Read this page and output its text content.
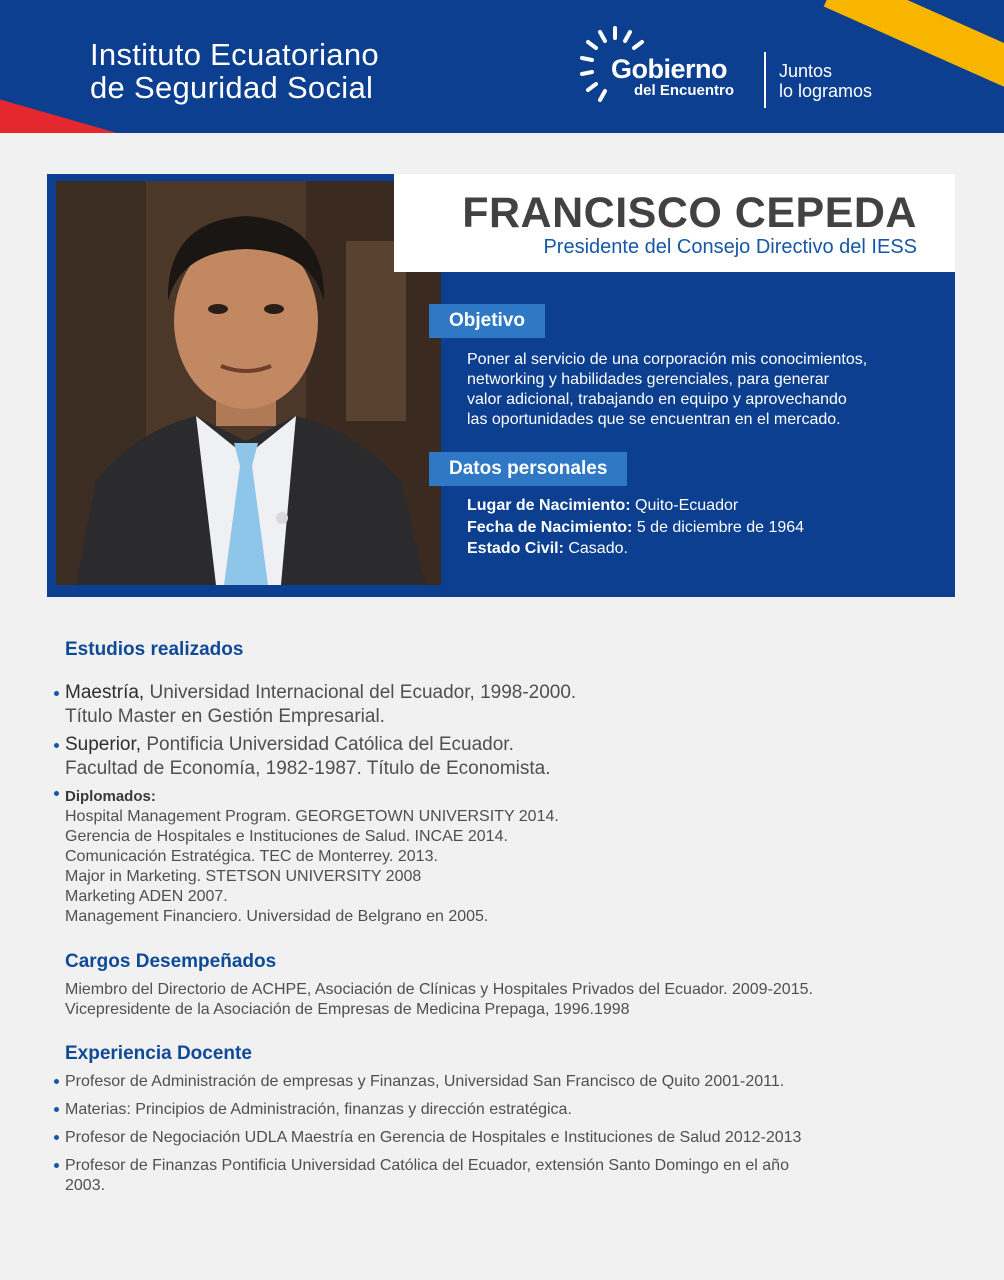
Instituto Ecuatoriano
de Seguridad Social
Gobierno
del Encuentro
Juntos
lo logramos
FRANCISCO CEPEDA
Presidente del Consejo Directivo del IESS
Objetivo
Poner al servicio de una corporación mis conocimientos,
networking y habilidades gerenciales, para generar
valor adicional, trabajando en equipo y aprovechando
las oportunidades que se encuentran en el mercado.
Datos personales
Lugar de Nacimiento: Quito-Ecuador
Fecha de Nacimiento: 5 de diciembre de 1964
Estado Civil: Casado.
Estudios realizados
Maestría, Universidad Internacional del Ecuador, 1998-2000.
Título Master en Gestión Empresarial.
Superior, Pontificia Universidad Católica del Ecuador.
Facultad de Economía, 1982-1987. Título de Economista.
Diplomados:
Hospital Management Program. GEORGETOWN UNIVERSITY 2014.
Gerencia de Hospitales e Instituciones de Salud. INCAE 2014.
Comunicación Estratégica. TEC de Monterrey. 2013.
Major in Marketing. STETSON UNIVERSITY 2008
Marketing ADEN 2007.
Management Financiero. Universidad de Belgrano en 2005.
Cargos Desempeñados
Miembro del Directorio de ACHPE, Asociación de Clínicas y Hospitales Privados del Ecuador. 2009-2015.
Vicepresidente de la Asociación de Empresas de Medicina Prepaga, 1996.1998
Experiencia Docente
Profesor de Administración de empresas y Finanzas, Universidad San Francisco de Quito 2001-2011.
Materias: Principios de Administración, finanzas y dirección estratégica.
Profesor de Negociación UDLA Maestría en Gerencia de Hospitales e Instituciones de Salud 2012-2013
Profesor de Finanzas Pontificia Universidad Católica del Ecuador, extensión Santo Domingo en el año
2003.
